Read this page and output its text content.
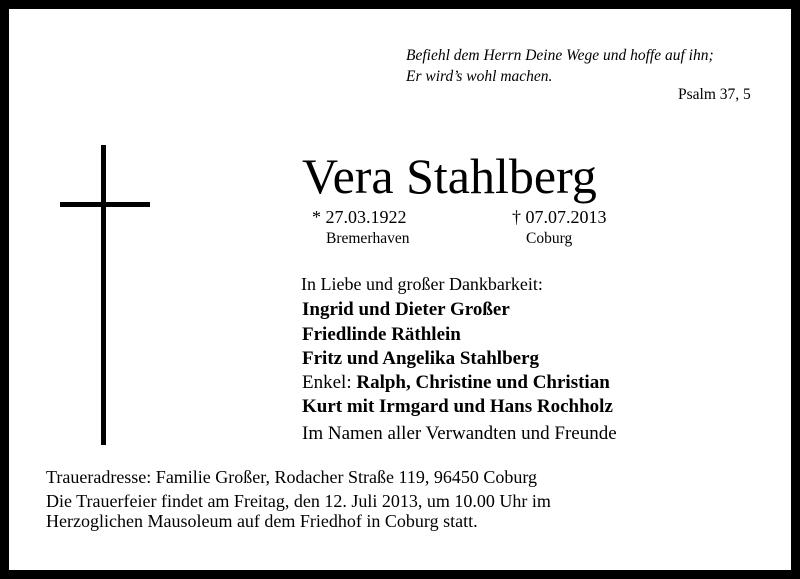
Befiehl dem Herrn Deine Wege und hoffe auf ihn;
Er wird’s wohl machen.
Psalm 37, 5
Vera Stahlberg
* 27.03.1922
Bremerhaven
† 07.07.2013
Coburg
In Liebe und großer Dankbarkeit:
Ingrid und Dieter Großer
Friedlinde Räthlein
Fritz und Angelika Stahlberg
Enkel: Ralph, Christine und Christian
Kurt mit Irmgard und Hans Rochholz
Im Namen aller Verwandten und Freunde
Traueradresse: Familie Großer, Rodacher Straße 119, 96450 Coburg
Die Trauerfeier findet am Freitag, den 12. Juli 2013, um 10.00 Uhr im
Herzoglichen Mausoleum auf dem Friedhof in Coburg statt.
